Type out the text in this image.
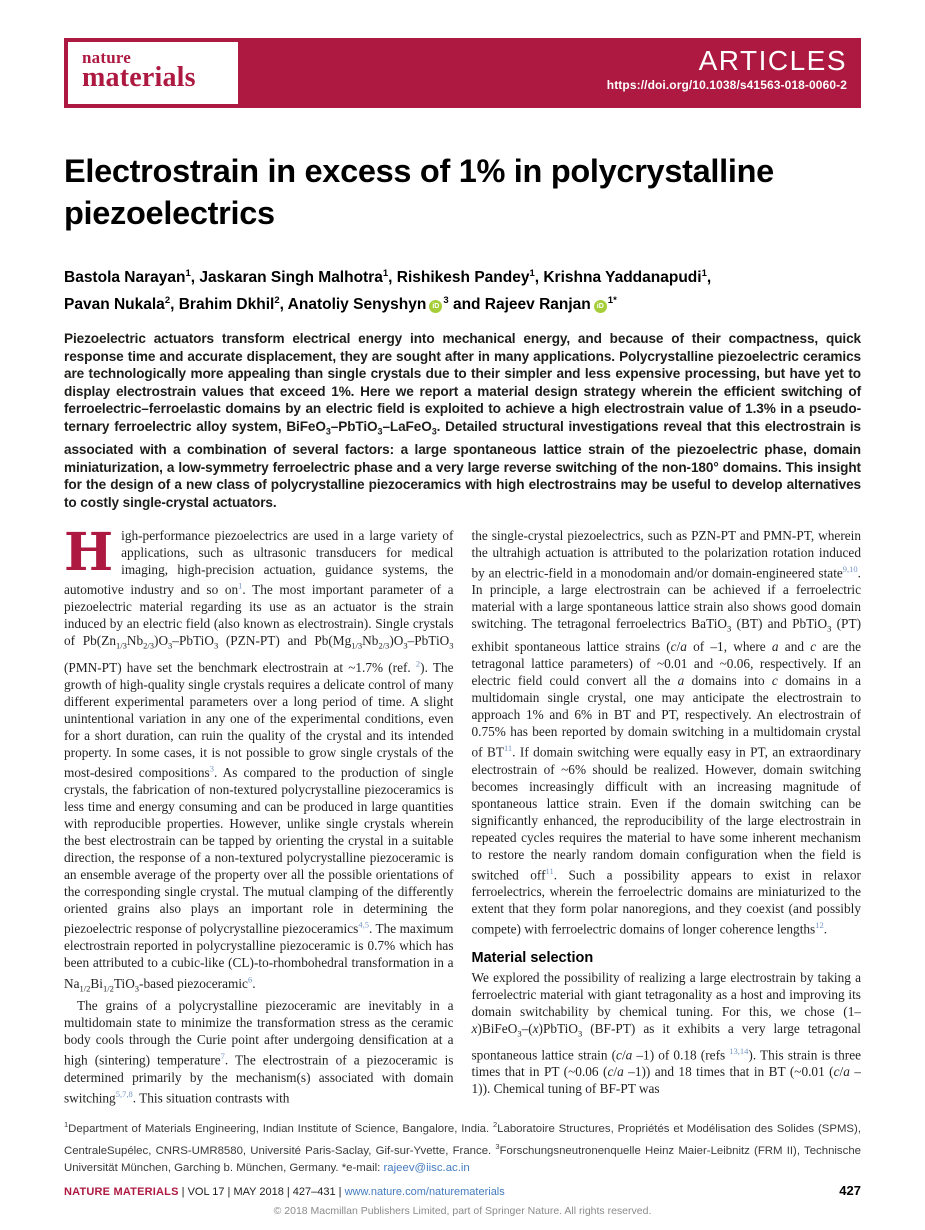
nature
materials
ARTICLES
https://doi.org/10.1038/s41563-018-0060-2
Electrostrain in excess of 1% in polycrystalline piezoelectrics
Bastola Narayan$^1$, Jaskaran Singh Malhotra$^1$, Rishikesh Pandey$^1$, Krishna Yaddanapudi$^1$,
Pavan Nukala$^2$, Brahim Dkhil$^2$, Anatoliy Senyshyn $iD^3$ and Rajeev Ranjan $iD^{1*}$

Piezoelectric actuators transform electrical energy into mechanical energy, and because of their compactness, quick response time and accurate displacement, they are sought after in many applications. Polycrystalline piezoelectric ceramics are technologically more appealing than single crystals due to their simpler and less expensive processing, but have yet to display electrostrain values that exceed 1%. Here we report a material design strategy wherein the efficient switching of ferroelectric–ferroelastic domains by an electric field is exploited to achieve a high electrostrain value of 1.3% in a pseudo-ternary ferroelectric alloy system, BiFeO$_3$–PbTiO$_3$–LaFeO$_3$. Detailed structural investigations reveal that this electrostrain is associated with a combination of several factors: a large spontaneous lattice strain of the piezoelectric phase, domain miniaturization, a low-symmetry ferroelectric phase and a very large reverse switching of the non-180° domains. This insight for the design of a new class of polycrystalline piezoceramics with high electrostrains may be useful to develop alternatives to costly single-crystal actuators.

High-performance piezoelectrics are used in a large variety of applications, such as ultrasonic transducers for medical imaging, high-precision actuation, guidance systems, the automotive industry and so on$^1$. The most important parameter of a piezoelectric material regarding its use as an actuator is the strain induced by an electric field (also known as electrostrain). Single crystals of $Pb(Zn_{1/3}Nb_{2/3})O_3-PbTiO_3$ (PZN-PT) and $Pb(Mg_{1/3}Nb_{2/3})O_3-PbTiO_3$ (PMN-PT) have set the benchmark electrostrain at ~1.7% (ref. $^2$). The growth of high-quality single crystals requires a delicate control of many different experimental parameters over a long period of time. A slight unintentional variation in any one of the experimental conditions, even for a short duration, can ruin the quality of the crystal and its intended property. In some cases, it is not possible to grow single crystals of the most-desired compositions$^3$. As compared to the production of single crystals, the fabrication of non-textured polycrystalline piezoceramics is less time and energy consuming and can be produced in large quantities with reproducible properties. However, unlike single crystals wherein the best electrostrain can be tapped by orienting the crystal in a suitable direction, the response of a non-textured polycrystalline piezoceramic is an ensemble average of the property over all the possible orientations of the corresponding single crystal. The mutual clamping of the differently oriented grains also plays an important role in determining the piezoelectric response of polycrystalline piezoceramics$^{4,5}$. The maximum electrostrain reported in polycrystalline piezoceramic is 0.7% which has been attributed to a cubic-like (CL)-to-rhombohedral transformation in a $Na_{1/2}Bi_{1/2}TiO_3$-based piezoceramic$^6$.

The grains of a polycrystalline piezoceramic are inevitably in a multidomain state to minimize the transformation stress as the ceramic body cools through the Curie point after undergoing densification at a high (sintering) temperature$^7$. The electrostrain of a piezoceramic is determined primarily by the mechanism(s) associated with domain switching$^{5,7,8}$. This situation contrasts with

the single-crystal piezoelectrics, such as PZN-PT and PMN-PT, wherein the ultrahigh actuation is attributed to the polarization rotation induced by an electric-field in a monodomain and/or domain-engineered state$^{9,10}$. In principle, a large electrostrain can be achieved if a ferroelectric material with a large spontaneous lattice strain also shows good domain switching. The tetragonal ferroelectrics BaTiO$_3$ (BT) and PbTiO$_3$ (PT) exhibit spontaneous lattice strains (c/a of –1, where a and c are the tetragonal lattice parameters) of ~0.01 and ~0.06, respectively. If an electric field could convert all the a domains into c domains in a multidomain single crystal, one may anticipate the electrostrain to approach 1% and 6% in BT and PT, respectively. An electrostrain of 0.75% has been reported by domain switching in a multidomain crystal of BT$^{11}$. If domain switching were equally easy in PT, an extraordinary electrostrain of ~6% should be realized. However, domain switching becomes increasingly difficult with an increasing magnitude of spontaneous lattice strain. Even if the domain switching can be significantly enhanced, the reproducibility of the large electrostrain in repeated cycles requires the material to have some inherent mechanism to restore the nearly random domain configuration when the field is switched off$^{11}$. Such a possibility appears to exist in relaxor ferroelectrics, wherein the ferroelectric domains are miniaturized to the extent that they form polar nanoregions, and they coexist (and possibly compete) with ferroelectric domains of longer coherence lengths$^{12}$.

Material selection

We explored the possibility of realizing a large electrostrain by taking a ferroelectric material with giant tetragonality as a host and improving its domain switchability by chemical tuning. For this, we chose (1–x)BiFeO$_3$–(x)PbTiO$_3$ (BF-PT) as it exhibits a very large tetragonal spontaneous lattice strain (c/a –1) of 0.18 (refs $^{13,14}$). This strain is three times that in PT (~0.06 (c/a –1)) and 18 times that in BT (~0.01 (c/a –1)). Chemical tuning of BF-PT was

$^1$Department of Materials Engineering, Indian Institute of Science, Bangalore, India. $^2$Laboratoire Structures, Propriétés et Modélisation des Solides (SPMS), CentraleSupélec, CNRS-UMR8580, Université Paris-Saclay, Gif-sur-Yvette, France. $^3$Forschungsneutronenquelle Heinz Maier-Leibnitz (FRM II), Technische Universität München, Garching b. München, Germany. *e-mail: rajeev@iisc.ac.in

NATURE MATERIALS | VOL 17 | MAY 2018 | 427–431 | www.nature.com/naturematerials	427
© 2018 Macmillan Publishers Limited, part of Springer Nature. All rights reserved.
